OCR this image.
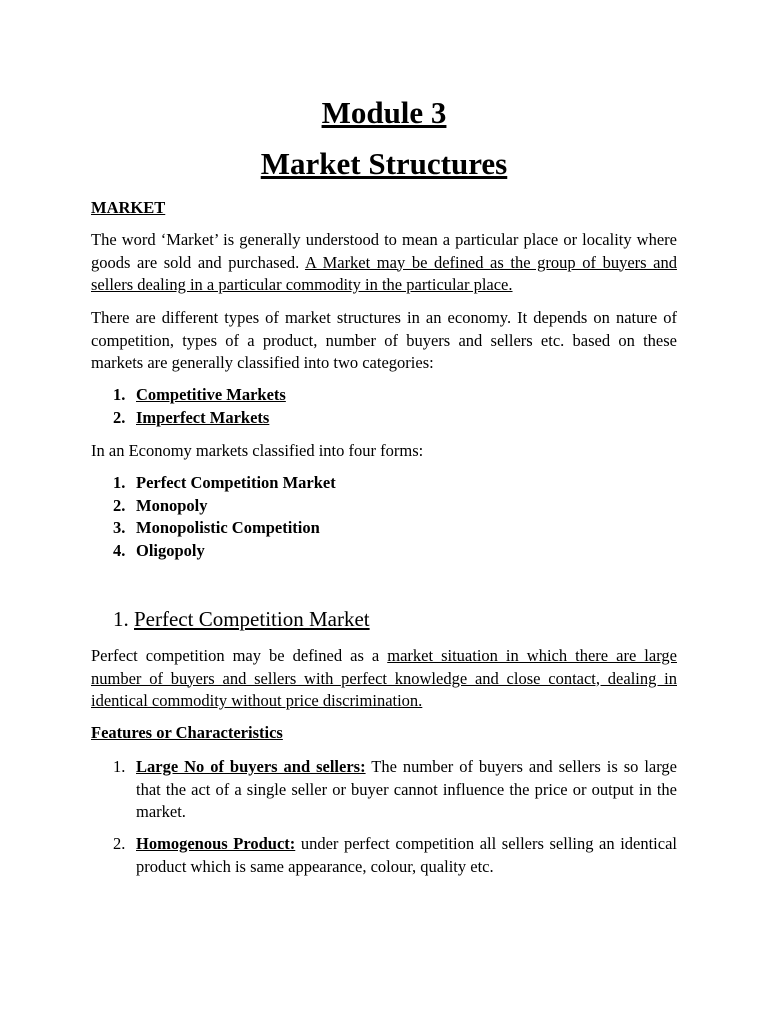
Module 3
Market Structures

MARKET

The word ‘Market’ is generally understood to mean a particular place or locality where goods are sold and purchased. A Market may be defined as the group of buyers and sellers dealing in a particular commodity in the particular place.

There are different types of market structures in an economy. It depends on nature of competition, types of a product, number of buyers and sellers etc. based on these markets are generally classified into two categories:

1. Competitive Markets
2. Imperfect Markets

In an Economy markets classified into four forms:

1. Perfect Competition Market
2. Monopoly
3. Monopolistic Competition
4. Oligopoly
1. Perfect Competition Market

Perfect competition may be defined as a market situation in which there are large number of buyers and sellers with perfect knowledge and close contact, dealing in identical commodity without price discrimination.

Features or Characteristics

1. Large No of buyers and sellers: The number of buyers and sellers is so large that the act of a single seller or buyer cannot influence the price or output in the market.

2. Homogenous Product: under perfect competition all sellers selling an identical product which is same appearance, colour, quality etc.
